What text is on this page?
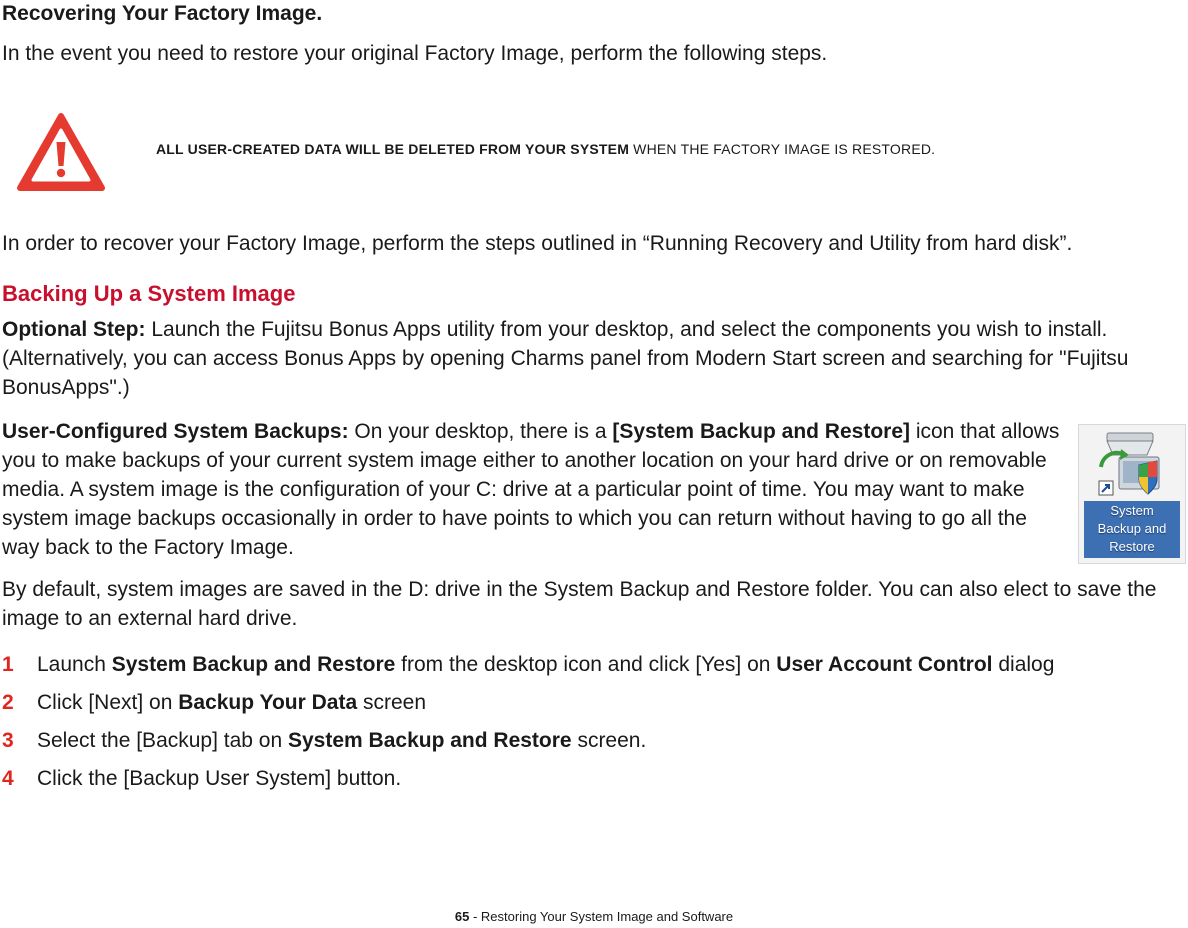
Recovering Your Factory Image.
In the event you need to restore your original Factory Image, perform the following steps.
ALL USER-CREATED DATA WILL BE DELETED FROM YOUR SYSTEM WHEN THE FACTORY IMAGE IS RESTORED.
In order to recover your Factory Image, perform the steps outlined in “Running Recovery and Utility from hard disk”.
Backing Up a System Image
Optional Step: Launch the Fujitsu Bonus Apps utility from your desktop, and select the components you wish to install. (Alternatively, you can access Bonus Apps by opening Charms panel from Modern Start screen and searching for "Fujitsu BonusApps".)
User-Configured System Backups: On your desktop, there is a [System Backup and Restore] icon that allows you to make backups of your current system image either to another location on your hard drive or on removable media. A system image is the configuration of your C: drive at a particular point of time. You may want to make system image backups occasionally in order to have points to which you can return without having to go all the way back to the Factory Image.
System
Backup and
Restore
By default, system images are saved in the D: drive in the System Backup and Restore folder. You can also elect to save the image to an external hard drive.
1 Launch System Backup and Restore from the desktop icon and click [Yes] on User Account Control dialog
2 Click [Next] on Backup Your Data screen
3 Select the [Backup] tab on System Backup and Restore screen.
4 Click the [Backup User System] button.
65 - Restoring Your System Image and Software
